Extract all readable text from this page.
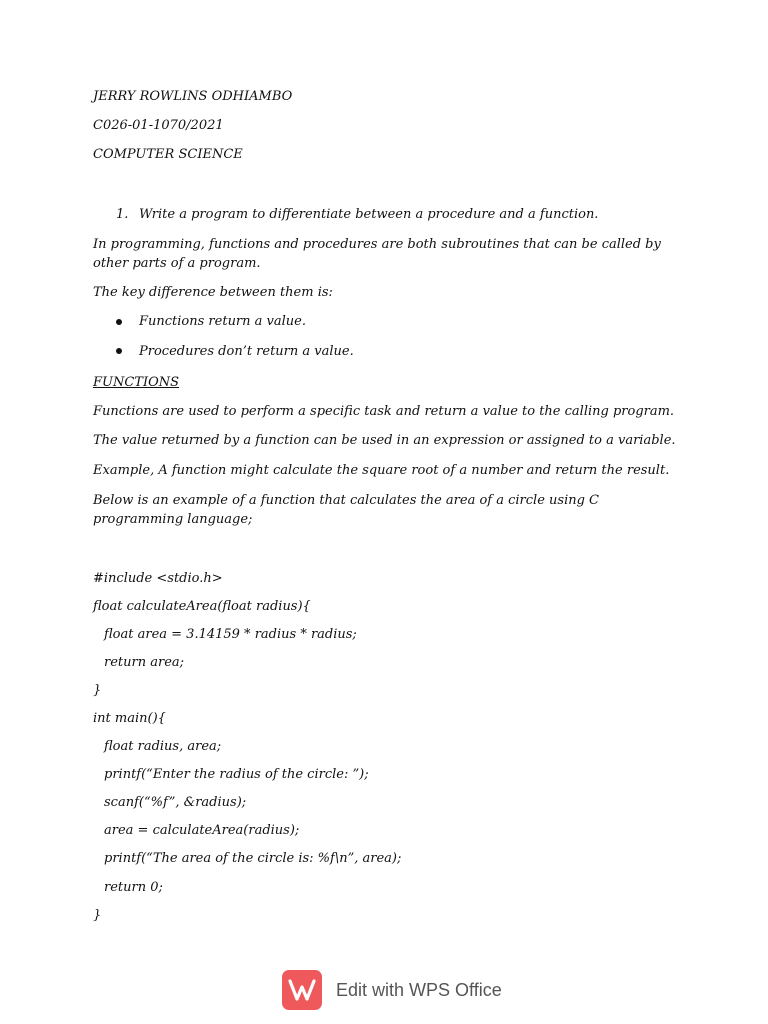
JERRY ROWLINS ODHIAMBO
C026-01-1070/2021
COMPUTER SCIENCE
1. Write a program to differentiate between a procedure and a function.
In programming, functions and procedures are both subroutines that can be called by other parts of a program.
The key difference between them is:
Functions return a value.
Procedures don’t return a value.
FUNCTIONS
Functions are used to perform a specific task and return a value to the calling program.
The value returned by a function can be used in an expression or assigned to a variable.
Example, A function might calculate the square root of a number and return the result.
Below is an example of a function that calculates the area of a circle using C programming language;
#include <stdio.h>
float calculateArea(float radius){
float area = 3.14159 * radius * radius;
return area;
}
int main(){
float radius, area;
printf(“Enter the radius of the circle: ”);
scanf(“%f”, &radius);
area = calculateArea(radius);
printf(“The area of the circle is: %f\n”, area);
return 0;
}
Edit with WPS Office
